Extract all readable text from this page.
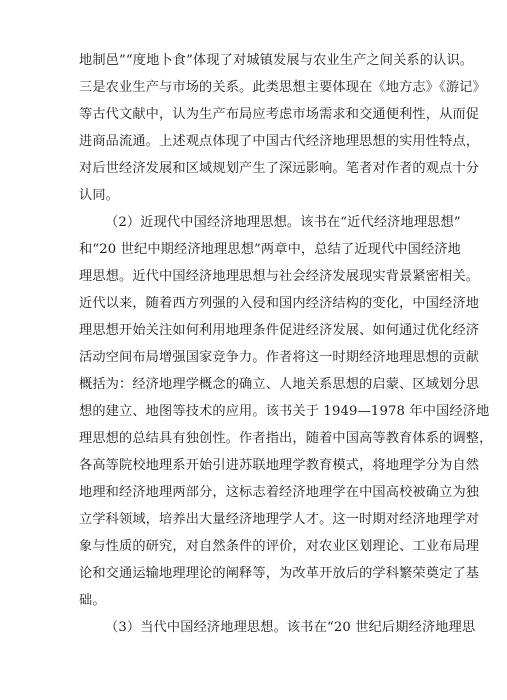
地制邑”“度地卜食”体现了对城镇发展与农业生产之间关系的认识。
三是农业生产与市场的关系。此类思想主要体现在《地方志》《游记》
等古代文献中，认为生产布局应考虑市场需求和交通便利性，从而促
进商品流通。上述观点体现了中国古代经济地理思想的实用性特点，
对后世经济发展和区域规划产生了深远影响。笔者对作者的观点十分
认同。
（2）近现代中国经济地理思想。该书在“近代经济地理思想”
和“20 世纪中期经济地理思想”两章中，总结了近现代中国经济地
理思想。近代中国经济地理思想与社会经济发展现实背景紧密相关。
近代以来，随着西方列强的入侵和国内经济结构的变化，中国经济地
理思想开始关注如何利用地理条件促进经济发展、如何通过优化经济
活动空间布局增强国家竞争力。作者将这一时期经济地理思想的贡献
概括为：经济地理学概念的确立、人地关系思想的启蒙、区域划分思
想的建立、地图等技术的应用。该书关于 1949—1978 年中国经济地
理思想的总结具有独创性。作者指出，随着中国高等教育体系的调整，
各高等院校地理系开始引进苏联地理学教育模式，将地理学分为自然
地理和经济地理两部分，这标志着经济地理学在中国高校被确立为独
立学科领域，培养出大量经济地理学人才。这一时期对经济地理学对
象与性质的研究，对自然条件的评价，对农业区划理论、工业布局理
论和交通运输地理理论的阐释等，为改革开放后的学科繁荣奠定了基
础。
（3）当代中国经济地理思想。该书在“20 世纪后期经济地理思
